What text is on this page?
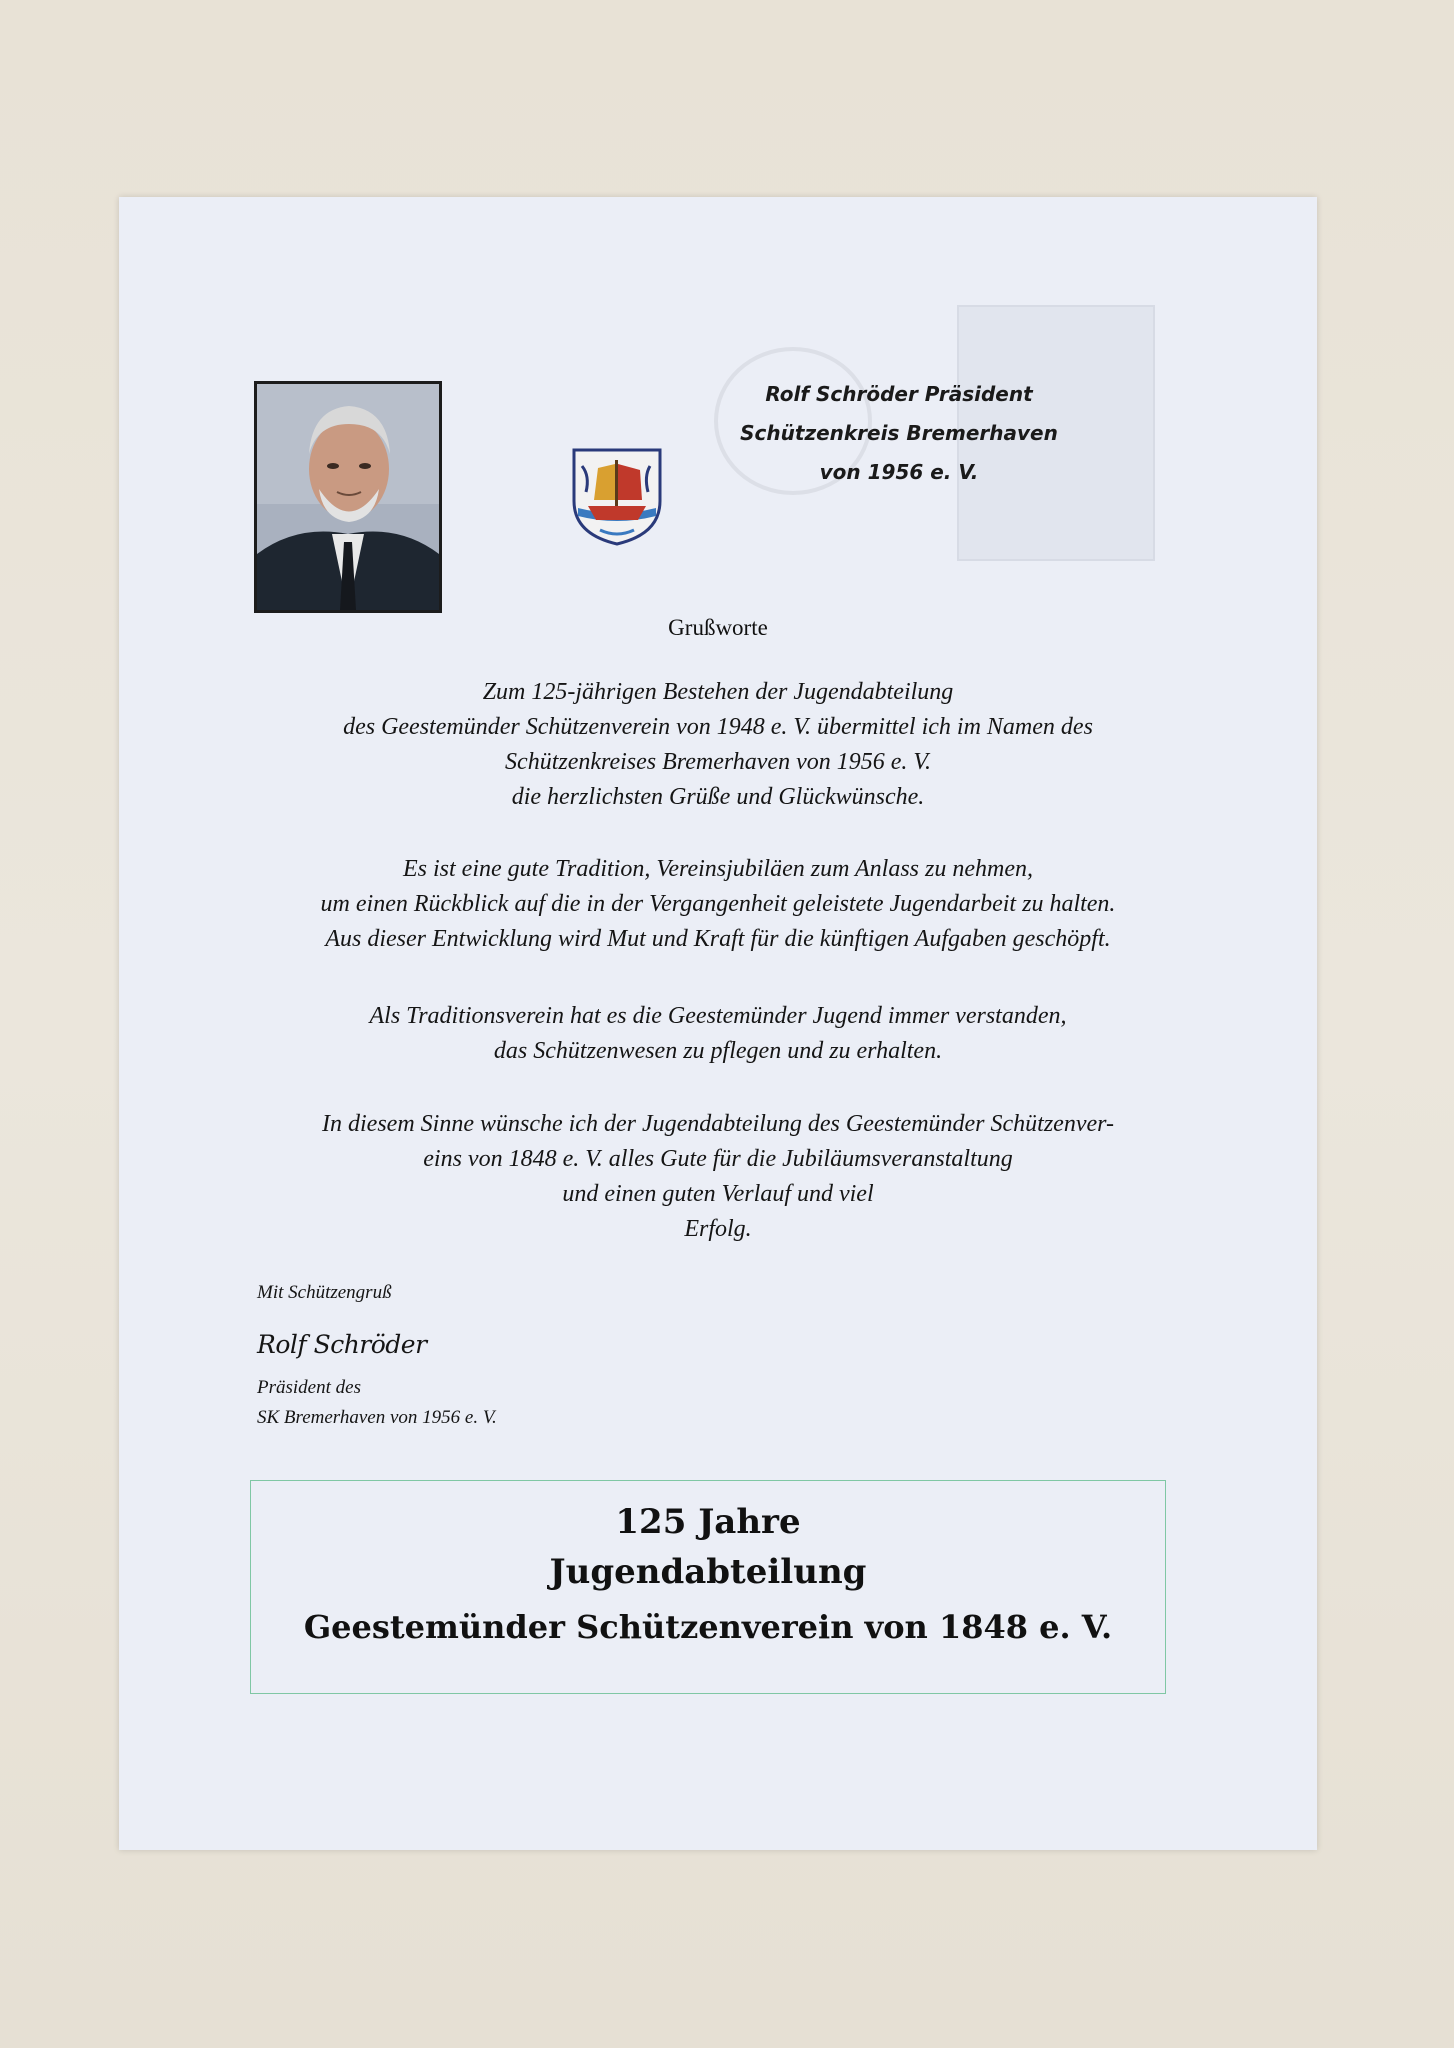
Rolf Schröder Präsident
Schützenkreis Bremerhaven
von 1956 e. V.
Grußworte
Zum 125-jährigen Bestehen der Jugendabteilung
des Geestemünder Schützenverein von 1948 e. V. übermittel ich im Namen des
Schützenkreises Bremerhaven von 1956 e. V.
die herzlichsten Grüße und Glückwünsche.
Es ist eine gute Tradition, Vereinsjubiläen zum Anlass zu nehmen,
um einen Rückblick auf die in der Vergangenheit geleistete Jugendarbeit zu halten.
Aus dieser Entwicklung wird Mut und Kraft für die künftigen Aufgaben geschöpft.
Als Traditionsverein hat es die Geestemünder Jugend immer verstanden,
das Schützenwesen zu pflegen und zu erhalten.
In diesem Sinne wünsche ich der Jugendabteilung des Geestemünder Schützenver-
eins von 1848 e. V. alles Gute für die Jubiläumsveranstaltung
und einen guten Verlauf und viel
Erfolg.
Mit Schützengruß
Rolf Schröder
Präsident des
SK Bremerhaven von 1956 e. V.
125 Jahre
Jugendabteilung
Geestemünder Schützenverein von 1848 e. V.
